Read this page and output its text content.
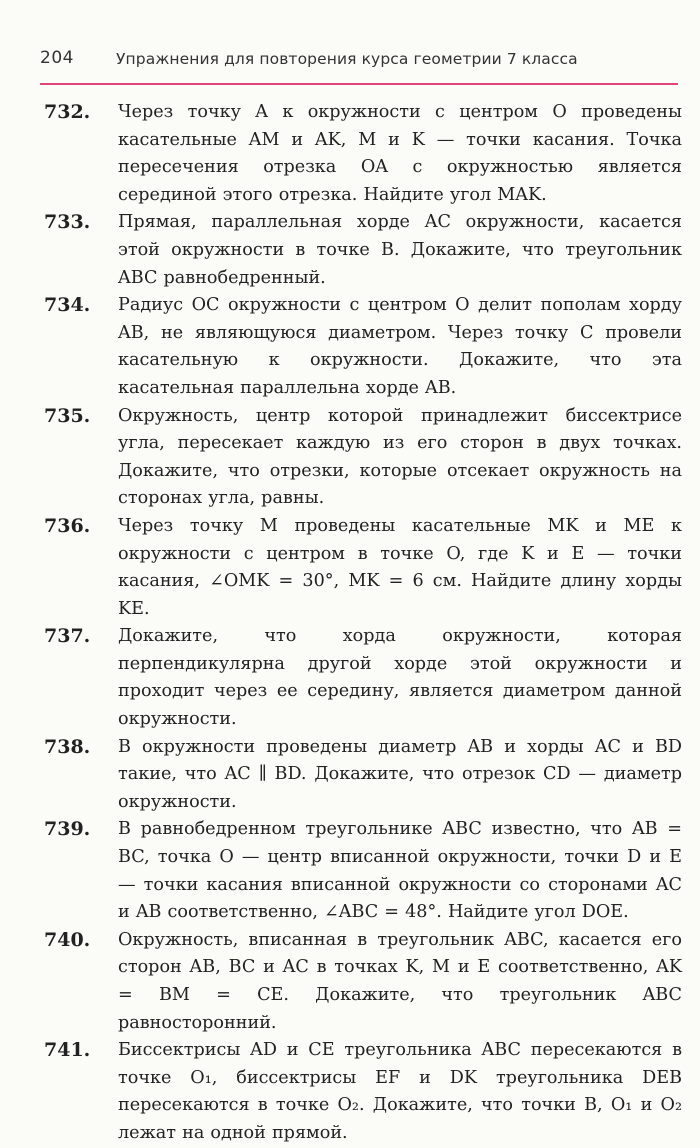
204	Упражнения для повторения курса геометрии 7 класса
732. Через точку A к окружности с центром O проведены касательные AM и AK, M и K — точки касания. Точка пересечения отрезка OA с окружностью является серединой этого отрезка. Найдите угол MAK.
733. Прямая, параллельная хорде AC окружности, касается этой окружности в точке B. Докажите, что треугольник ABC равнобедренный.
734. Радиус OC окружности с центром O делит пополам хорду AB, не являющуюся диаметром. Через точку C провели касательную к окружности. Докажите, что эта касательная параллельна хорде AB.
735. Окружность, центр которой принадлежит биссектрисе угла, пересекает каждую из его сторон в двух точках. Докажите, что отрезки, которые отсекает окружность на сторонах угла, равны.
736. Через точку M проведены касательные MK и ME к окружности с центром в точке O, где K и E — точки касания, ∠OMK = 30°, MK = 6 см. Найдите длину хорды KE.
737. Докажите, что хорда окружности, которая перпендикулярна другой хорде этой окружности и проходит через ее середину, является диаметром данной окружности.
738. В окружности проведены диаметр AB и хорды AC и BD такие, что AC ∥ BD. Докажите, что отрезок CD — диаметр окружности.
739. В равнобедренном треугольнике ABC известно, что AB = BC, точка O — центр вписанной окружности, точки D и E — точки касания вписанной окружности со сторонами AC и AB соответственно, ∠ABC = 48°. Найдите угол DOE.
740. Окружность, вписанная в треугольник ABC, касается его сторон AB, BC и AC в точках K, M и E соответственно, AK = BM = CE. Докажите, что треугольник ABC равносторонний.
741. Биссектрисы AD и CE треугольника ABC пересекаются в точке O₁, биссектрисы EF и DK треугольника DEB пересекаются в точке O₂. Докажите, что точки B, O₁ и O₂ лежат на одной прямой.
